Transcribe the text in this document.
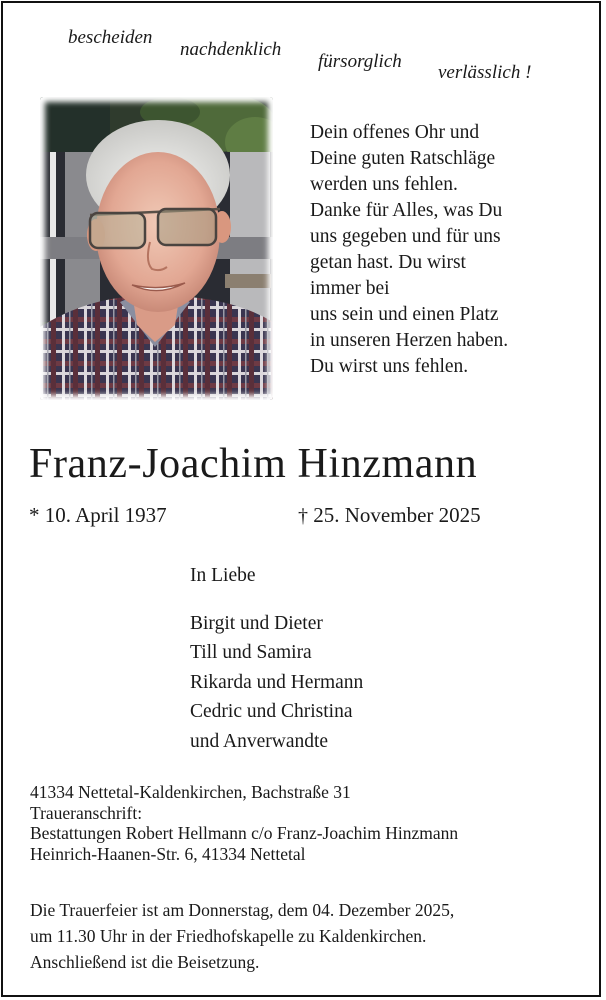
bescheiden
nachdenklich
fürsorglich
verlässlich !
Dein offenes Ohr und
Deine guten Ratschläge
werden uns fehlen.
Danke für Alles, was Du
uns gegeben und für uns
getan hast. Du wirst
immer bei
uns sein und einen Platz
in unseren Herzen haben.
Du wirst uns fehlen.
Franz-Joachim Hinzmann
* 10. April 1937	† 25. November 2025
In Liebe
Birgit und Dieter
Till und Samira
Rikarda und Hermann
Cedric und Christina
und Anverwandte
41334 Nettetal-Kaldenkirchen, Bachstraße 31
Traueranschrift:
Bestattungen Robert Hellmann c/o Franz-Joachim Hinzmann
Heinrich-Haanen-Str. 6, 41334 Nettetal
Die Trauerfeier ist am Donnerstag, dem 04. Dezember 2025,
um 11.30 Uhr in der Friedhofskapelle zu Kaldenkirchen.
Anschließend ist die Beisetzung.
